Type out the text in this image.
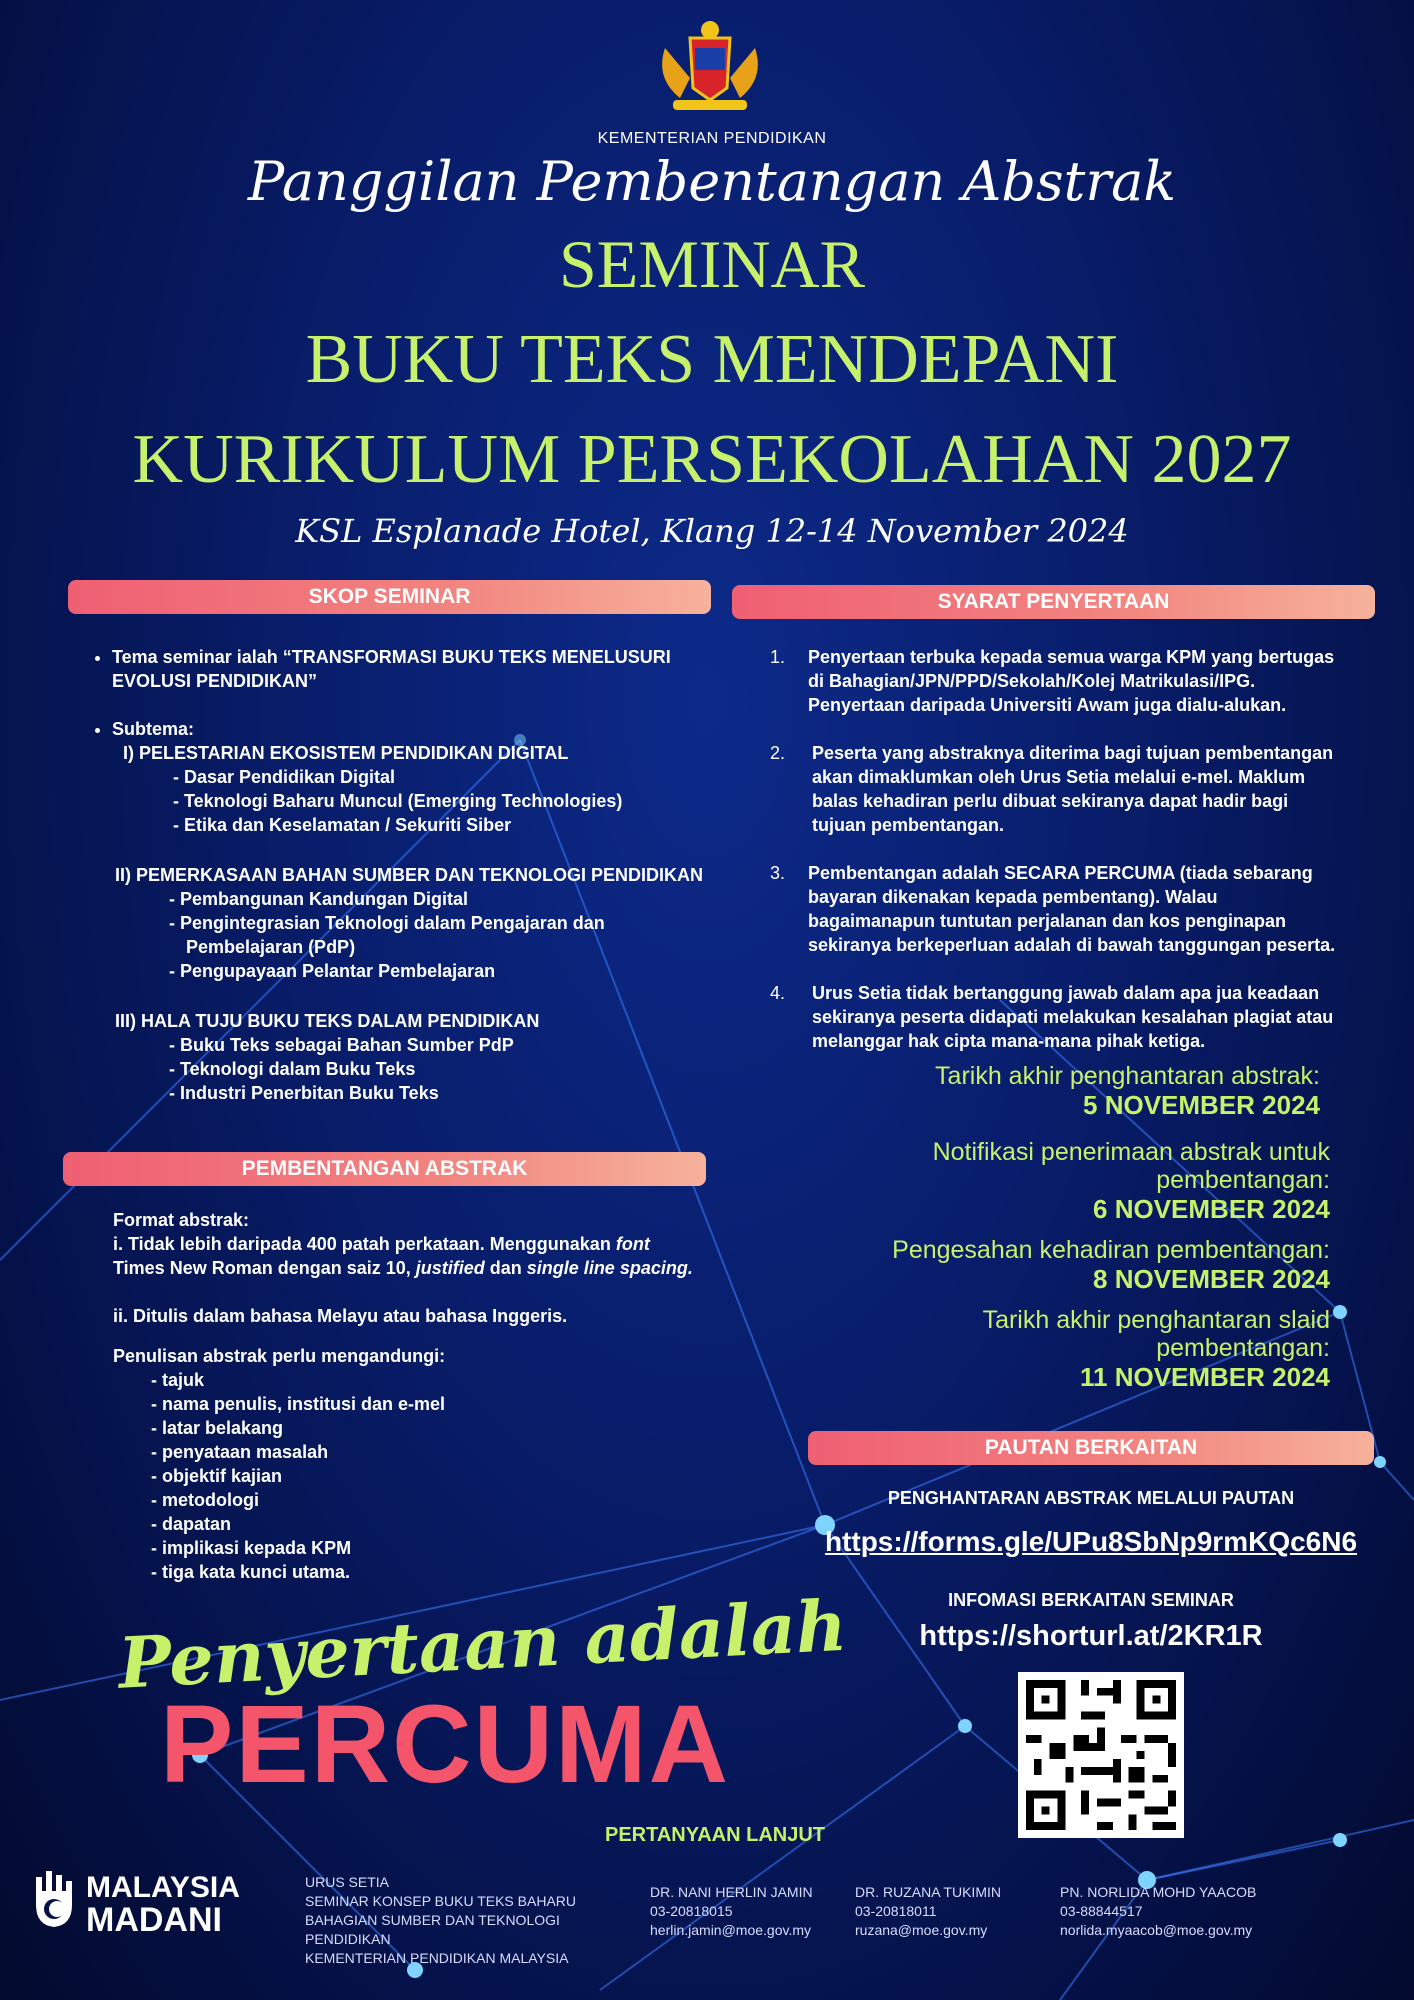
KEMENTERIAN PENDIDIKAN
Panggilan Pembentangan Abstrak
SEMINAR
BUKU TEKS MENDEPANI
KURIKULUM PERSEKOLAHAN 2027
KSL Esplanade Hotel, Klang 12-14 November 2024
SKOP SEMINAR
• Tema seminar ialah “TRANSFORMASI BUKU TEKS MENELUSURI EVOLUSI PENDIDIKAN”
• Subtema:
I) PELESTARIAN EKOSISTEM PENDIDIKAN DIGITAL
- Dasar Pendidikan Digital
- Teknologi Baharu Muncul (Emerging Technologies)
- Etika dan Keselamatan / Sekuriti Siber
II) PEMERKASAAN BAHAN SUMBER DAN TEKNOLOGI PENDIDIKAN
- Pembangunan Kandungan Digital
- Pengintegrasian Teknologi dalam Pengajaran dan
Pembelajaran (PdP)
- Pengupayaan Pelantar Pembelajaran
III) HALA TUJU BUKU TEKS DALAM PENDIDIKAN
- Buku Teks sebagai Bahan Sumber PdP
- Teknologi dalam Buku Teks
- Industri Penerbitan Buku Teks
SYARAT PENYERTAAN
1. Penyertaan terbuka kepada semua warga KPM yang bertugas di Bahagian/JPN/PPD/Sekolah/Kolej Matrikulasi/IPG. Penyertaan daripada Universiti Awam juga dialu-alukan.
2. Peserta yang abstraknya diterima bagi tujuan pembentangan akan dimaklumkan oleh Urus Setia melalui e-mel. Maklum balas kehadiran perlu dibuat sekiranya dapat hadir bagi tujuan pembentangan.
3. Pembentangan adalah SECARA PERCUMA (tiada sebarang bayaran dikenakan kepada pembentang). Walau bagaimanapun tuntutan perjalanan dan kos penginapan sekiranya berkeperluan adalah di bawah tanggungan peserta.
4. Urus Setia tidak bertanggung jawab dalam apa jua keadaan sekiranya peserta didapati melakukan kesalahan plagiat atau melanggar hak cipta mana-mana pihak ketiga.
Tarikh akhir penghantaran abstrak:
5 NOVEMBER 2024
Notifikasi penerimaan abstrak untuk pembentangan:
6 NOVEMBER 2024
Pengesahan kehadiran pembentangan:
8 NOVEMBER 2024
Tarikh akhir penghantaran slaid pembentangan:
11 NOVEMBER 2024
PEMBENTANGAN ABSTRAK
Format abstrak:
i. Tidak lebih daripada 400 patah perkataan. Menggunakan font
Times New Roman dengan saiz 10, justified dan single line spacing.
ii. Ditulis dalam bahasa Melayu atau bahasa Inggeris.
Penulisan abstrak perlu mengandungi:
- tajuk
- nama penulis, institusi dan e-mel
- latar belakang
- penyataan masalah
- objektif kajian
- metodologi
- dapatan
- implikasi kepada KPM
- tiga kata kunci utama.
Penyertaan adalah
PERCUMA
PAUTAN BERKAITAN
PENGHANTARAN ABSTRAK MELALUI PAUTAN
https://forms.gle/UPu8SbNp9rmKQc6N6
INFOMASI BERKAITAN SEMINAR
https://shorturl.at/2KR1R
PERTANYAAN LANJUT
MALAYSIA
MADANI
URUS SETIA
SEMINAR KONSEP BUKU TEKS BAHARU
BAHAGIAN SUMBER DAN TEKNOLOGI PENDIDIKAN
KEMENTERIAN PENDIDIKAN MALAYSIA
DR. NANI HERLIN JAMIN
03-20818015
herlin.jamin@moe.gov.my
DR. RUZANA TUKIMIN
03-20818011
ruzana@moe.gov.my
PN. NORLIDA MOHD YAACOB
03-88844517
norlida.myaacob@moe.gov.my
